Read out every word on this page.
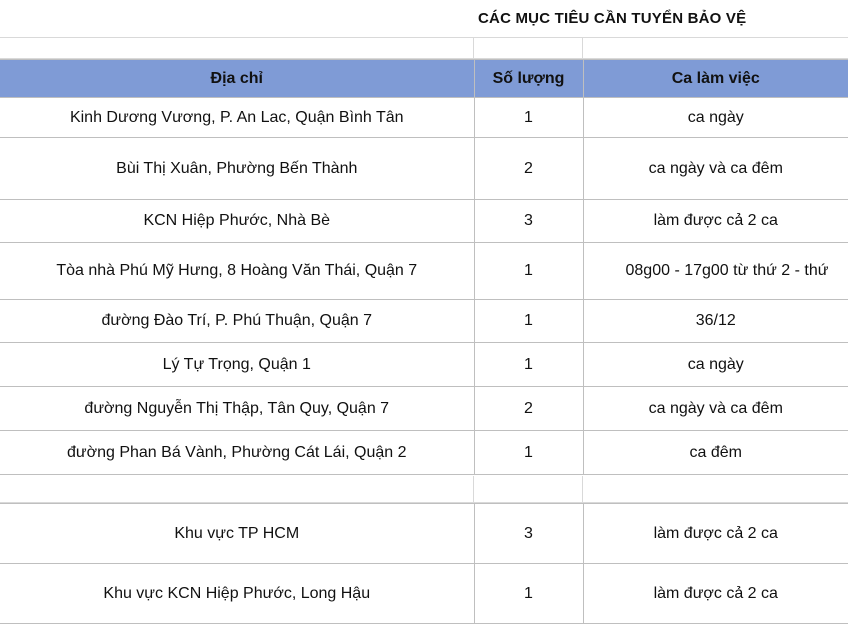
CÁC MỤC TIÊU CẦN TUYỂN BẢO VỆ
Địa chỉ	Số lượng	Ca làm việc
Kinh Dương Vương, P. An Lac, Quận Bình Tân	1	ca ngày
Bùi Thị Xuân, Phường Bến Thành	2	ca ngày và ca đêm
KCN Hiệp Phước, Nhà Bè	3	làm được cả 2 ca
Tòa nhà Phú Mỹ Hưng, 8 Hoàng Văn Thái, Quận 7	1	08g00 - 17g00 từ thứ 2 - thứ

đường Đào Trí, P. Phú Thuận, Quận 7	1	36/12
Lý Tự Trọng, Quận 1	1	ca ngày
đường Nguyễn Thị Thập, Tân Quy, Quận 7	2	ca ngày và ca đêm
đường Phan Bá Vành, Phường Cát Lái, Quận 2	1	ca đêm
Khu vực TP HCM	3	làm được cả 2 ca
Khu vực KCN Hiệp Phước, Long Hậu	1	làm được cả 2 ca
